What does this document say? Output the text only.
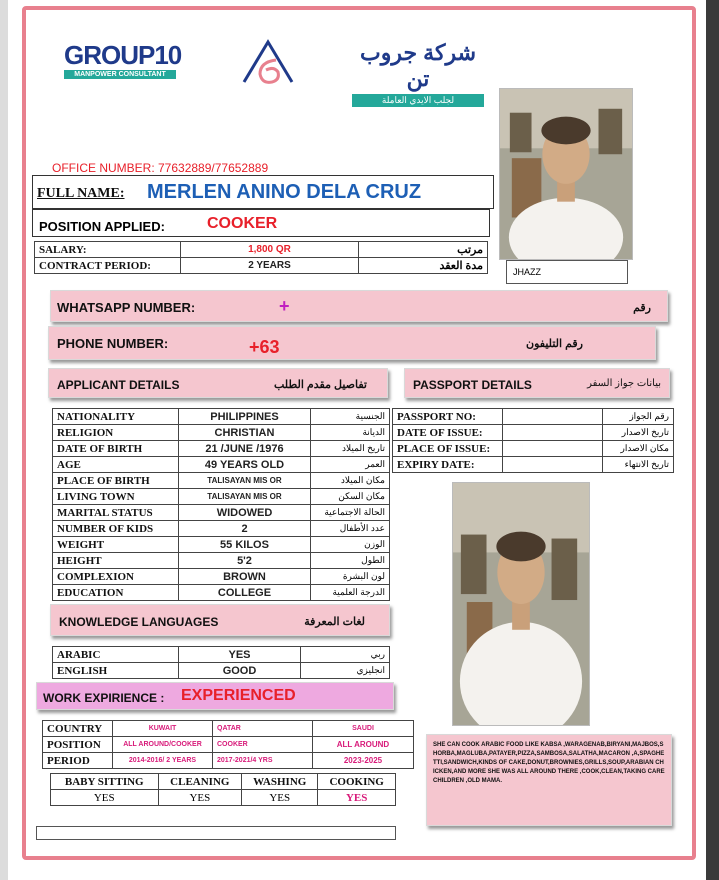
GROUP10
MANPOWER CONSULTANT
شركة جروب تن
لجلب الايدي العاملة
JHAZZ
OFFICE NUMBER: 77632889/77652889
FULL NAME: MERLEN ANINO DELA CRUZ
POSITION APPLIED:	COOKER
SALARY:	1,800 QR	مرتب
CONTRACT PERIOD:	2 YEARS	مدة العقد
WHATSAPP NUMBER:	+	رقم
PHONE NUMBER:	+63	رقم التليفون
APPLICANT DETAILS	تفاصيل مقدم الطلب	PASSPORT DETAILS	بيانات جواز السفر
NATIONALITY	PHILIPPINES	الجنسية
RELIGION	CHRISTIAN	الديانة
DATE OF BIRTH	21 /JUNE /1976	تاريخ الميلاد
AGE	49 YEARS OLD	العمر
PLACE OF BIRTH	TALISAYAN MIS OR	مكان الميلاد
LIVING TOWN	TALISAYAN MIS OR	مكان السكن
MARITAL STATUS	WIDOWED	الحالة الاجتماعية
NUMBER OF KIDS	2	عدد الأطفال
WEIGHT	55 KILOS	الوزن
HEIGHT	5'2	الطول
COMPLEXION	BROWN	لون البشرة
EDUCATION	COLLEGE	الدرجة العلمية
PASSPORT NO:		رقم الجواز
DATE OF ISSUE:		تاريخ الاصدار
PLACE OF ISSUE:		مكان الاصدار
EXPIRY DATE:		تاريخ الانتهاء
KNOWLEDGE LANGUAGES	لغات المعرفة
ARABIC	YES	ربي
ENGLISH	GOOD	انجليزي
WORK EXPIRIENCE : EXPERIENCED
COUNTRY	KUWAIT	QATAR	SAUDI
POSITION	ALL AROUND/COOKER	COOKER	ALL AROUND
PERIOD	2014-2016/ 2 YEARS	2017-2021/4 YRS	2023-2025
BABY SITTING	CLEANING	WASHING	COOKING
YES	YES	YES	YES
SHE CAN COOK ARABIC FOOD LIKE KABSA ,WARAGENAB,BIRYANI,MAJBOS,SHORBA,MAGLUBA,PATAYER,PIZZA,SAMBOSA,SALATHA,MACARON ,A,SPAGHETTI,SANDWICH,KINDS OF CAKE,DONUT,BROWNIES,GRILLS,SOUP,ARABIAN CHICKEN,AND MORE SHE WAS ALL AROUND THERE ,COOK,CLEAN,TAKING CARE CHILDREN ,OLD MAMA.
